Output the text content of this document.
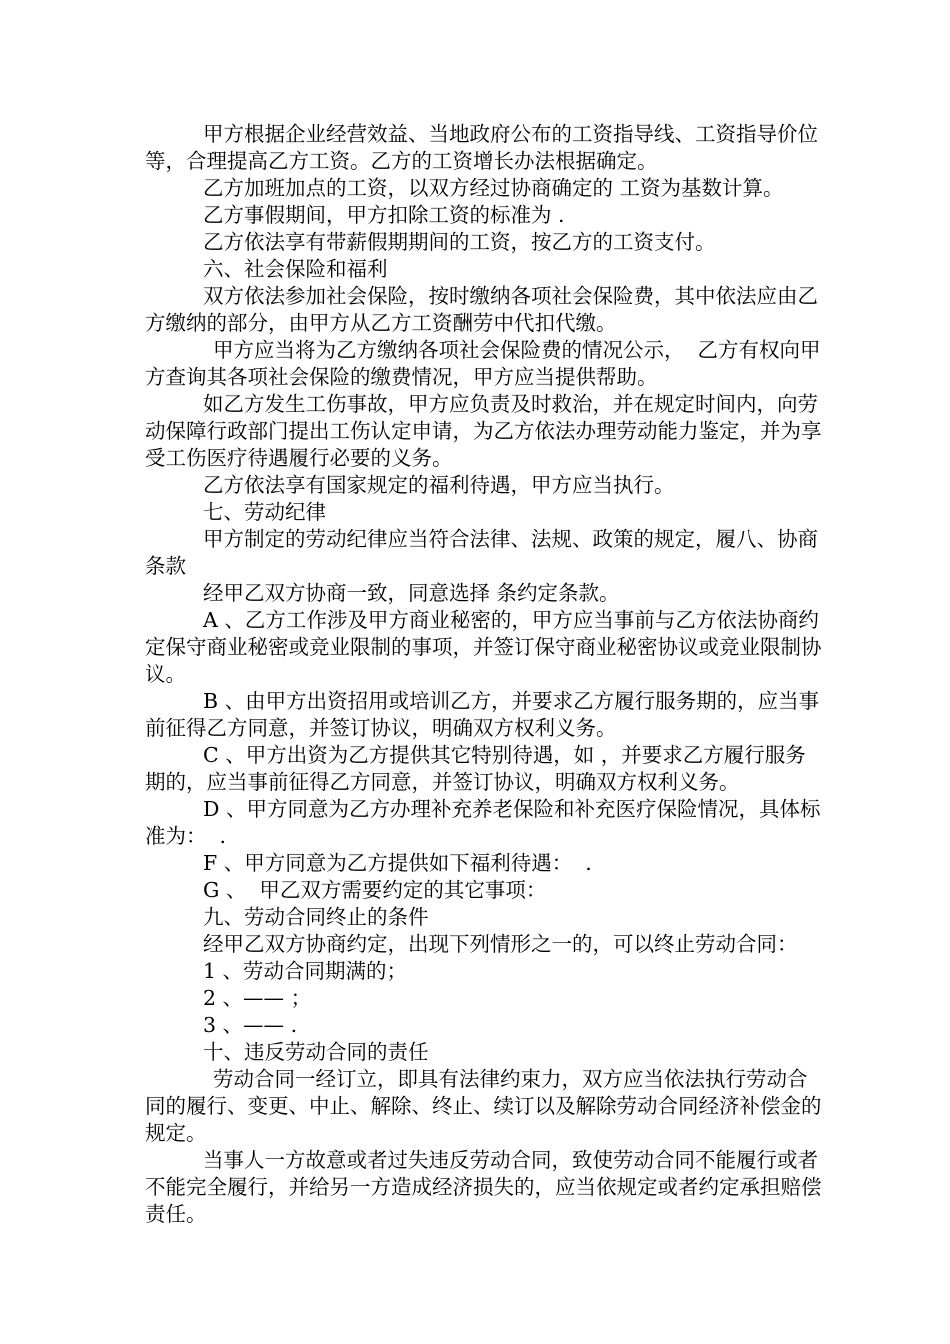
甲方根据企业经营效益、当地政府公布的工资指导线、工资指导价位等，合理提高乙方工资。乙方的工资增长办法根据确定。

乙方加班加点的工资，以双方经过协商确定的 工资为基数计算。

乙方事假期间，甲方扣除工资的标准为 .

乙方依法享有带薪假期期间的工资，按乙方的工资支付。

六、社会保险和福利

双方依法参加社会保险，按时缴纳各项社会保险费，其中依法应由乙方缴纳的部分，由甲方从乙方工资酬劳中代扣代缴。

甲方应当将为乙方缴纳各项社会保险费的情况公示，  乙方有权向甲方查询其各项社会保险的缴费情况，甲方应当提供帮助。

如乙方发生工伤事故，甲方应负责及时救治，并在规定时间内，向劳动保障行政部门提出工伤认定申请，为乙方依法办理劳动能力鉴定，并为享受工伤医疗待遇履行必要的义务。

乙方依法享有国家规定的福利待遇，甲方应当执行。

七、劳动纪律

甲方制定的劳动纪律应当符合法律、法规、政策的规定，履八、协商条款

经甲乙双方协商一致，同意选择 条约定条款。

A 、乙方工作涉及甲方商业秘密的，甲方应当事前与乙方依法协商约定保守商业秘密或竞业限制的事项，并签订保守商业秘密协议或竞业限制协议。

B 、由甲方出资招用或培训乙方，并要求乙方履行服务期的，应当事前征得乙方同意，并签订协议，明确双方权利义务。

C 、甲方出资为乙方提供其它特别待遇，如 ，并要求乙方履行服务期的，应当事前征得乙方同意，并签订协议，明确双方权利义务。

D 、甲方同意为乙方办理补充养老保险和补充医疗保险情况，具体标准为：  .

F 、甲方同意为乙方提供如下福利待遇：  .

G 、  甲乙双方需要约定的其它事项：

九、劳动合同终止的条件

经甲乙双方协商约定，出现下列情形之一的，可以终止劳动合同：

1 、劳动合同期满的；

2 、—— ；

3 、—— .

十、违反劳动合同的责任

劳动合同一经订立，即具有法律约束力，双方应当依法执行劳动合同的履行、变更、中止、解除、终止、续订以及解除劳动合同经济补偿金的规定。

当事人一方故意或者过失违反劳动合同，致使劳动合同不能履行或者不能完全履行，并给另一方造成经济损失的，应当依规定或者约定承担赔偿责任。
